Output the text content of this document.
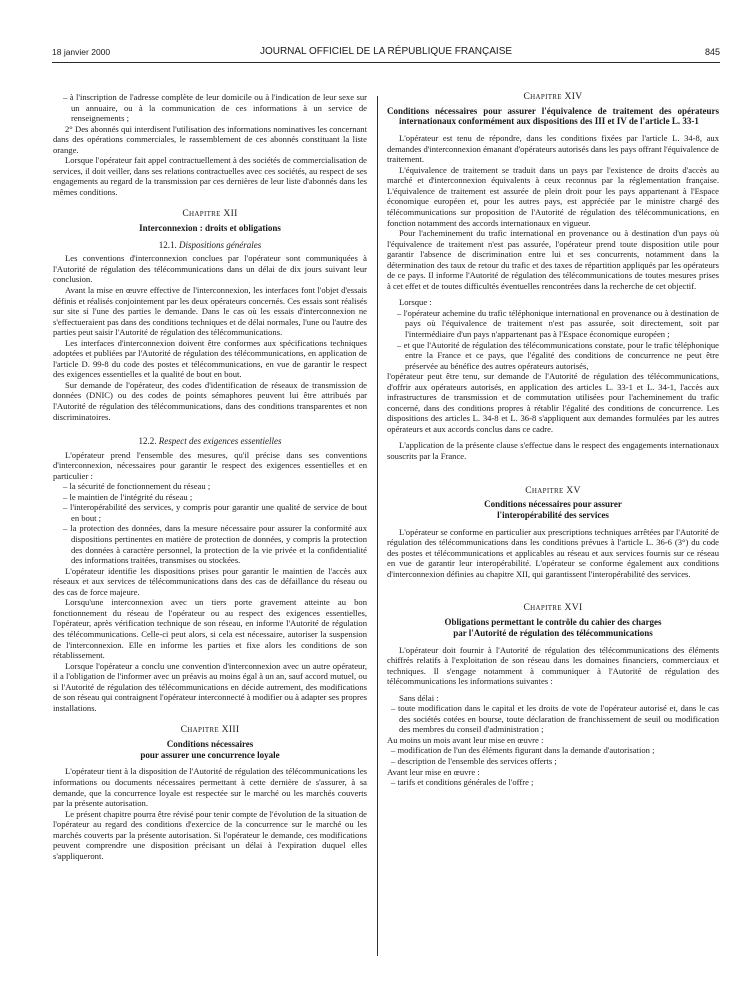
18 janvier 2000	JOURNAL OFFICIEL DE LA RÉPUBLIQUE FRANÇAISE	845

– à l'inscription de l'adresse complète de leur domicile ou à l'indication de leur sexe sur un annuaire, ou à la communication de ces informations à un service de renseignements ;

2° Des abonnés qui interdisent l'utilisation des informations nominatives les concernant dans des opérations commerciales, le rassemblement de ces abonnés constituant la liste orange.

Lorsque l'opérateur fait appel contractuellement à des sociétés de commercialisation de services, il doit veiller, dans ses relations contractuelles avec ces sociétés, au respect de ses engagements au regard de la transmission par ces dernières de leur liste d'abonnés dans les mêmes conditions.

Chapitre XII
Interconnexion : droits et obligations
12.1. Dispositions générales

Les conventions d'interconnexion conclues par l'opérateur sont communiquées à l'Autorité de régulation des télécommunications dans un délai de dix jours suivant leur conclusion.

Avant la mise en œuvre effective de l'interconnexion, les interfaces font l'objet d'essais définis et réalisés conjointement par les deux opérateurs concernés. Ces essais sont réalisés sur site si l'une des parties le demande. Dans le cas où les essais d'interconnexion ne s'effectueraient pas dans des conditions techniques et de délai normales, l'une ou l'autre des parties peut saisir l'Autorité de régulation des télécommunications.

Les interfaces d'interconnexion doivent être conformes aux spécifications techniques adoptées et publiées par l'Autorité de régulation des télécommunications, en application de l'article D. 99-8 du code des postes et télécommunications, en vue de garantir le respect des exigences essentielles et la qualité de bout en bout.

Sur demande de l'opérateur, des codes d'identification de réseaux de transmission de données (DNIC) ou des codes de points sémaphores peuvent lui être attribués par l'Autorité de régulation des télécommunications, dans des conditions transparentes et non discriminatoires.

12.2. Respect des exigences essentielles

L'opérateur prend l'ensemble des mesures, qu'il précise dans ses conventions d'interconnexion, nécessaires pour garantir le respect des exigences essentielles et en particulier :

– la sécurité de fonctionnement du réseau ;

– le maintien de l'intégrité du réseau ;

– l'interopérabilité des services, y compris pour garantir une qualité de service de bout en bout ;

– la protection des données, dans la mesure nécessaire pour assurer la conformité aux dispositions pertinentes en matière de protection de données, y compris la protection des données à caractère personnel, la protection de la vie privée et la confidentialité des informations traitées, transmises ou stockées.

L'opérateur identifie les dispositions prises pour garantir le maintien de l'accès aux réseaux et aux services de télécommunications dans des cas de défaillance du réseau ou des cas de force majeure.

Lorsqu'une interconnexion avec un tiers porte gravement atteinte au bon fonctionnement du réseau de l'opérateur ou au respect des exigences essentielles, l'opérateur, après vérification technique de son réseau, en informe l'Autorité de régulation des télécommunications. Celle-ci peut alors, si cela est nécessaire, autoriser la suspension de l'interconnexion. Elle en informe les parties et fixe alors les conditions de son rétablissement.

Lorsque l'opérateur a conclu une convention d'interconnexion avec un autre opérateur, il a l'obligation de l'informer avec un préavis au moins égal à un an, sauf accord mutuel, ou si l'Autorité de régulation des télécommunications en décide autrement, des modifications de son réseau qui contraignent l'opérateur interconnecté à modifier ou à adapter ses propres installations.

Chapitre XIII
Conditions nécessaires
pour assurer une concurrence loyale

L'opérateur tient à la disposition de l'Autorité de régulation des télécommunications les informations ou documents nécessaires permettant à cette dernière de s'assurer, à sa demande, que la concurrence loyale est respectée sur le marché ou les marchés couverts par la présente autorisation.

Le présent chapitre pourra être révisé pour tenir compte de l'évolution de la situation de l'opérateur au regard des conditions d'exercice de la concurrence sur le marché ou les marchés couverts par la présente autorisation. Si l'opérateur le demande, ces modifications peuvent comprendre une disposition précisant un délai à l'expiration duquel elles s'appliqueront.

Chapitre XIV
Conditions nécessaires pour assurer l'équivalence de traitement des opérateurs internationaux conformément aux dispositions des III et IV de l'article L. 33-1

L'opérateur est tenu de répondre, dans les conditions fixées par l'article L. 34-8, aux demandes d'interconnexion émanant d'opérateurs autorisés dans les pays offrant l'équivalence de traitement.

L'équivalence de traitement se traduit dans un pays par l'existence de droits d'accès au marché et d'interconnexion équivalents à ceux reconnus par la réglementation française. L'équivalence de traitement est assurée de plein droit pour les pays appartenant à l'Espace économique européen et, pour les autres pays, est appréciée par le ministre chargé des télécommunications sur proposition de l'Autorité de régulation des télécommunications, en fonction notamment des accords internationaux en vigueur.

Pour l'acheminement du trafic international en provenance ou à destination d'un pays où l'équivalence de traitement n'est pas assurée, l'opérateur prend toute disposition utile pour garantir l'absence de discrimination entre lui et ses concurrents, notamment dans la détermination des taux de retour du trafic et des taxes de répartition appliqués par les opérateurs de ce pays. Il informe l'Autorité de régulation des télécommunications de toutes mesures prises à cet effet et de toutes difficultés éventuelles rencontrées dans la recherche de cet objectif.

Lorsque :

– l'opérateur achemine du trafic téléphonique international en provenance ou à destination de pays où l'équivalence de traitement n'est pas assurée, soit directement, soit par l'intermédiaire d'un pays n'appartenant pas à l'Espace économique européen ;

– et que l'Autorité de régulation des télécommunications constate, pour le trafic téléphonique entre la France et ce pays, que l'égalité des conditions de concurrence ne peut être préservée au bénéfice des autres opérateurs autorisés,

l'opérateur peut être tenu, sur demande de l'Autorité de régulation des télécommunications, d'offrir aux opérateurs autorisés, en application des articles L. 33-1 et L. 34-1, l'accès aux infrastructures de transmission et de commutation utilisées pour l'acheminement du trafic concerné, dans des conditions propres à rétablir l'égalité des conditions de concurrence. Les dispositions des articles L. 34-8 et L. 36-8 s'appliquent aux demandes formulées par les autres opérateurs et aux accords conclus dans ce cadre.

L'application de la présente clause s'effectue dans le respect des engagements internationaux souscrits par la France.

Chapitre XV
Conditions nécessaires pour assurer
l'interopérabilité des services

L'opérateur se conforme en particulier aux prescriptions techniques arrêtées par l'Autorité de régulation des télécommunications dans les conditions prévues à l'article L. 36-6 (3°) du code des postes et télécommunications et applicables au réseau et aux services fournis sur ce réseau en vue de garantir leur interopérabilité. L'opérateur se conforme également aux conditions d'interconnexion définies au chapitre XII, qui garantissent l'interopérabilité des services.

Chapitre XVI
Obligations permettant le contrôle du cahier des charges
par l'Autorité de régulation des télécommunications

L'opérateur doit fournir à l'Autorité de régulation des télécommunications des éléments chiffrés relatifs à l'exploitation de son réseau dans les domaines financiers, commerciaux et techniques. Il s'engage notamment à communiquer à l'Autorité de régulation des télécommunications les informations suivantes :

Sans délai :

– toute modification dans le capital et les droits de vote de l'opérateur autorisé et, dans le cas des sociétés cotées en bourse, toute déclaration de franchissement de seuil ou modification des membres du conseil d'administration ;

Au moins un mois avant leur mise en œuvre :

– modification de l'un des éléments figurant dans la demande d'autorisation ;

– description de l'ensemble des services offerts ;

Avant leur mise en œuvre :

– tarifs et conditions générales de l'offre ;
